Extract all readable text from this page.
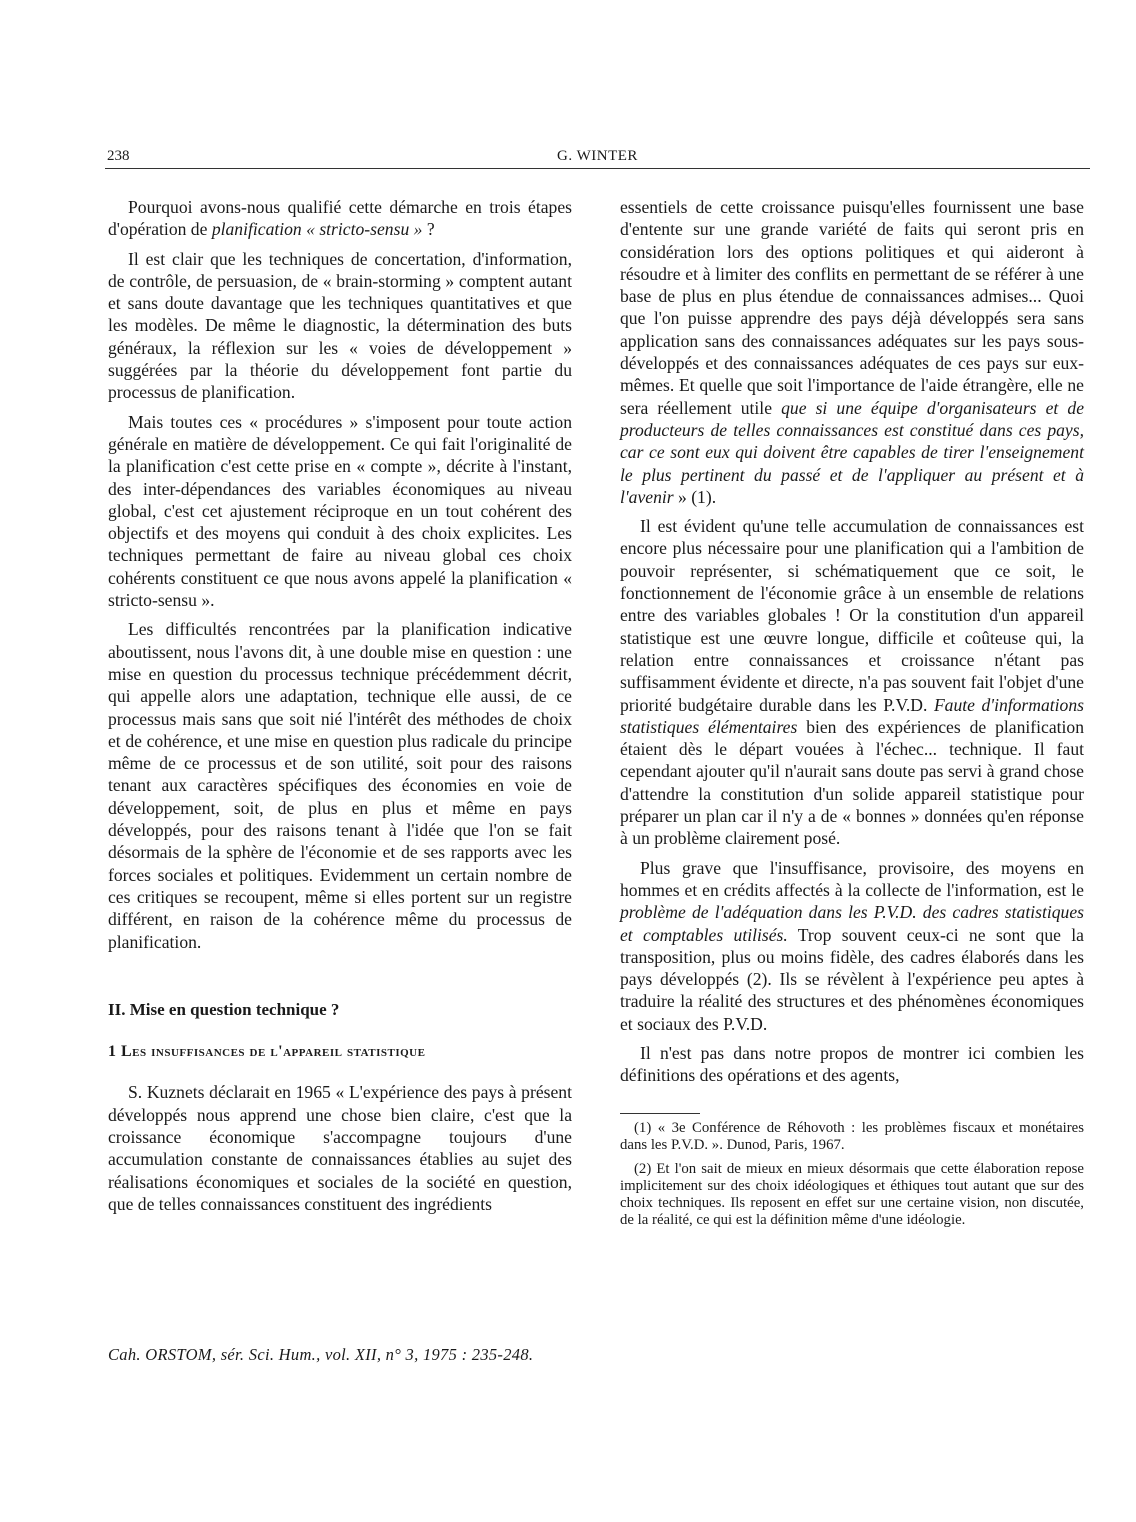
238	G. WINTER

Pourquoi avons-nous qualifié cette démarche en trois étapes d'opération de planification « stricto-sensu » ?

Il est clair que les techniques de concertation, d'information, de contrôle, de persuasion, de « brain-storming » comptent autant et sans doute davantage que les techniques quantitatives et que les modèles. De même le diagnostic, la détermination des buts généraux, la réflexion sur les « voies de développement » suggérées par la théorie du développement font partie du processus de planification.

Mais toutes ces « procédures » s'imposent pour toute action générale en matière de développement. Ce qui fait l'originalité de la planification c'est cette prise en « compte », décrite à l'instant, des inter-dépendances des variables économiques au niveau global, c'est cet ajustement réciproque en un tout cohérent des objectifs et des moyens qui conduit à des choix explicites. Les techniques permettant de faire au niveau global ces choix cohérents constituent ce que nous avons appelé la planification « stricto-sensu ».

Les difficultés rencontrées par la planification indicative aboutissent, nous l'avons dit, à une double mise en question : une mise en question du processus technique précédemment décrit, qui appelle alors une adaptation, technique elle aussi, de ce processus mais sans que soit nié l'intérêt des méthodes de choix et de cohérence, et une mise en question plus radicale du principe même de ce processus et de son utilité, soit pour des raisons tenant aux caractères spécifiques des économies en voie de développement, soit, de plus en plus et même en pays développés, pour des raisons tenant à l'idée que l'on se fait désormais de la sphère de l'économie et de ses rapports avec les forces sociales et politiques. Evidemment un certain nombre de ces critiques se recoupent, même si elles portent sur un registre différent, en raison de la cohérence même du processus de planification.

II. Mise en question technique ?
1 Les insuffisances de l'appareil statistique

S. Kuznets déclarait en 1965 « L'expérience des pays à présent développés nous apprend une chose bien claire, c'est que la croissance économique s'accompagne toujours d'une accumulation constante de connaissances établies au sujet des réalisations économiques et sociales de la société en question, que de telles connaissances constituent des ingrédients

essentiels de cette croissance puisqu'elles fournissent une base d'entente sur une grande variété de faits qui seront pris en considération lors des options politiques et qui aideront à résoudre et à limiter des conflits en permettant de se référer à une base de plus en plus étendue de connaissances admises... Quoi que l'on puisse apprendre des pays déjà développés sera sans application sans des connaissances adéquates sur les pays sous-développés et des connaissances adéquates de ces pays sur eux-mêmes. Et quelle que soit l'importance de l'aide étrangère, elle ne sera réellement utile que si une équipe d'organisateurs et de producteurs de telles connaissances est constitué dans ces pays, car ce sont eux qui doivent être capables de tirer l'enseignement le plus pertinent du passé et de l'appliquer au présent et à l'avenir » (1).

Il est évident qu'une telle accumulation de connaissances est encore plus nécessaire pour une planification qui a l'ambition de pouvoir représenter, si schématiquement que ce soit, le fonctionnement de l'économie grâce à un ensemble de relations entre des variables globales ! Or la constitution d'un appareil statistique est une œuvre longue, difficile et coûteuse qui, la relation entre connaissances et croissance n'étant pas suffisamment évidente et directe, n'a pas souvent fait l'objet d'une priorité budgétaire durable dans les P.V.D. Faute d'informations statistiques élémentaires bien des expériences de planification étaient dès le départ vouées à l'échec... technique. Il faut cependant ajouter qu'il n'aurait sans doute pas servi à grand chose d'attendre la constitution d'un solide appareil statistique pour préparer un plan car il n'y a de « bonnes » données qu'en réponse à un problème clairement posé.

Plus grave que l'insuffisance, provisoire, des moyens en hommes et en crédits affectés à la collecte de l'information, est le problème de l'adéquation dans les P.V.D. des cadres statistiques et comptables utilisés. Trop souvent ceux-ci ne sont que la transposition, plus ou moins fidèle, des cadres élaborés dans les pays développés (2). Ils se révèlent à l'expérience peu aptes à traduire la réalité des structures et des phénomènes économiques et sociaux des P.V.D.

Il n'est pas dans notre propos de montrer ici combien les définitions des opérations et des agents,

(1) « 3e Conférence de Réhovoth : les problèmes fiscaux et monétaires dans les P.V.D. ». Dunod, Paris, 1967.

(2) Et l'on sait de mieux en mieux désormais que cette élaboration repose implicitement sur des choix idéologiques et éthiques tout autant que sur des choix techniques. Ils reposent en effet sur une certaine vision, non discutée, de la réalité, ce qui est la définition même d'une idéologie.

Cah. ORSTOM, sér. Sci. Hum., vol. XII, n° 3, 1975 : 235-248.
